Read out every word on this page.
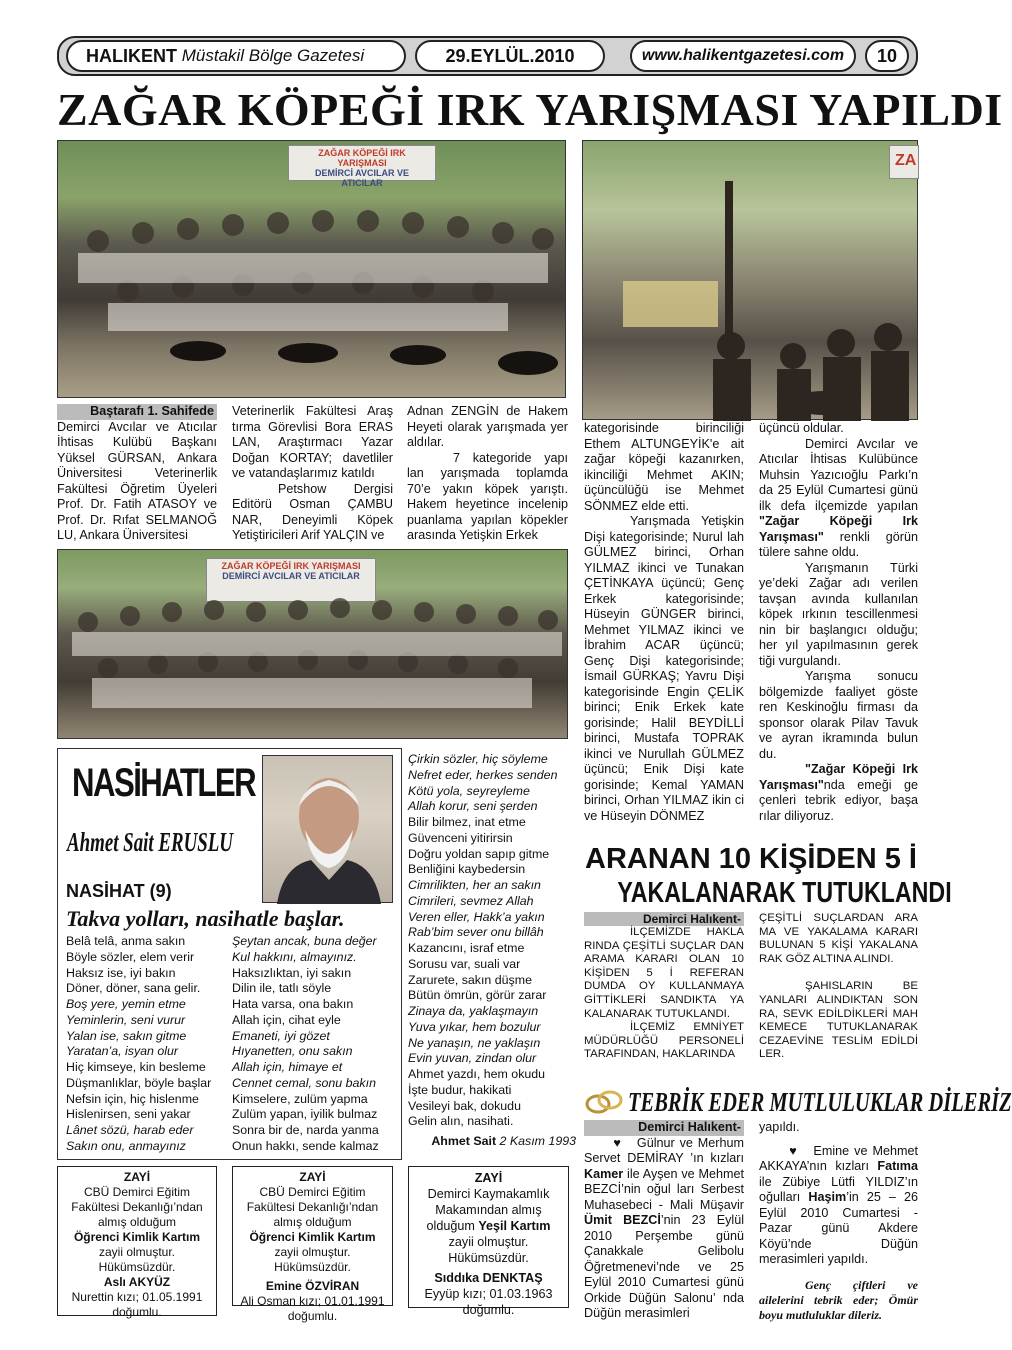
HALIKENT
Müstakil Bölge Gazetesi	29.EYLÜL.2010	www.halikentgazetesi.com	10
ZAĞAR KÖPEĞİ IRK YARIŞMASI YAPILDI
ZAĞAR KÖPEĞİ IRK YARIŞMASI
DEMİRCİ AVCILAR VE ATICILAR
ZA
Baştarafı 1. Sahifede

Demirci Avcılar ve Atıcılar İhtisas Kulübü Başkanı Yüksel GÜRSAN, Ankara Üniversitesi Veterinerlik Fakültesi Öğretim Üyeleri Prof. Dr. Fatih ATASOY ve Prof. Dr. Rıfat SELMANOĞ LU, Ankara Üniversitesi

Veterinerlik Fakültesi Araş tırma Görevlisi Bora ERAS LAN, Araştırmacı Yazar Doğan KORTAY; davetliler ve vatandaşlarımız katıldı

Petshow Dergisi Editörü Osman ÇAMBU NAR, Deneyimli Köpek Yetiştiricileri Arif YALÇIN ve

Adnan ZENGİN de Hakem Heyeti olarak yarışmada yer aldılar.

7 kategoride yapı lan yarışmada toplamda 70’e yakın köpek yarıştı. Hakem heyetince incelenip puanlama yapılan köpekler arasında Yetişkin Erkek

kategorisinde birinciliği Ethem ALTUNGEYİK'e ait zağar köpeği kazanırken, ikinciliği Mehmet AKIN; üçüncülüğü ise Mehmet SÖNMEZ elde etti.

Yarışmada Yetişkin Dişi kategorisinde; Nurul lah GÜLMEZ birinci, Orhan YILMAZ ikinci ve Tunakan ÇETİNKAYA üçüncü; Genç Erkek kategorisinde; Hüseyin GÜNGER birinci, Mehmet YILMAZ ikinci ve İbrahim ACAR üçüncü; Genç Dişi kategorisinde; İsmail GÜRKAŞ; Yavru Dişi kategorisinde Engin ÇELİK birinci; Enik Erkek kate gorisinde; Halil BEYDİLLİ birinci, Mustafa TOPRAK ikinci ve Nurullah GÜLMEZ üçüncü; Enik Dişi kate gorisinde; Kemal YAMAN birinci, Orhan YILMAZ ikin ci ve Hüseyin DÖNMEZ

üçüncü oldular.

Demirci Avcılar ve Atıcılar İhtisas Kulübünce Muhsin Yazıcıoğlu Parkı’n da 25 Eylül Cumartesi günü ilk defa ilçemizde yapılan "Zağar Köpeği Irk Yarışması" renkli görün tülere sahne oldu.

Yarışmanın Türki ye’deki Zağar adı verilen tavşan avında kullanılan köpek ırkının tescillenmesi nin bir başlangıcı olduğu; her yıl yapılmasının gerek tiği vurgulandı.

Yarışma sonucu bölgemizde faaliyet göste ren Keskinoğlu firması da sponsor olarak Pilav Tavuk ve ayran ikramında bulun du.

"Zağar Köpeği Irk Yarışması"nda emeği ge çenleri tebrik ediyor, başa rılar diliyoruz.

ZAĞAR KÖPEĞİ IRK YARIŞMASI
DEMİRCİ AVCILAR VE ATICILAR
NASİHATLER
Ahmet Sait ERUSLU
NASİHAT (9)
Takva yolları, nasihatle başlar.
Belâ telâ, anma sakın
Böyle sözler, elem verir
Haksız ise, iyi bakın
Döner, döner, sana gelir.
Boş yere, yemin etme
Yeminlerin, seni vurur
Yalan ise, sakın gitme
Yaratan’a, isyan olur
Hiç kimseye, kin besleme
Düşmanlıklar, böyle başlar
Nefsin için, hiç hislenme
Hislenirsen, seni yakar
Lânet sözü, harab eder
Sakın onu, anmayınız
Şeytan ancak, buna değer
Kul hakkını, almayınız.
Haksızlıktan, iyi sakın
Dilin ile, tatlı söyle
Hata varsa, ona bakın
Allah için, cihat eyle
Emaneti, iyi gözet
Hıyanetten, onu sakın
Allah için, himaye et
Cennet cemal, sonu bakın
Kimselere, zulüm yapma
Zulüm yapan, iyilik bulmaz
Sonra bir de, narda yanma
Onun hakkı, sende kalmaz
Çirkin sözler, hiç söyleme
Nefret eder, herkes senden
Kötü yola, seyreyleme
Allah korur, seni şerden
Bilir bilmez, inat etme
Güvenceni yitirirsin
Doğru yoldan sapıp gitme
Benliğini kaybedersin
Cimrilikten, her an sakın
Cimrileri, sevmez Allah
Veren eller, Hakk’a yakın
Rab’bim sever onu billâh
Kazancını, israf etme
Sorusu var, suali var
Zarurete, sakın düşme
Bütün ömrün, görür zarar
Zinaya da, yaklaşmayın
Yuva yıkar, hem bozulur
Ne yanaşın, ne yaklaşın
Evin yuvan, zindan olur
Ahmet yazdı, hem okudu
İşte budur, hakikati
Vesileyi bak, dokudu
Gelin alın, nasihati.
Ahmet Sait 2 Kasım 1993
ARANAN 10 KİŞİDEN 5 İ
YAKALANARAK TUTUKLANDI
Demirci Halıkent-

İLÇEMİZDE HAKLA RINDA ÇEŞİTLİ SUÇLAR DAN ARAMA KARARI OLAN 10 KİŞİDEN 5 İ REFERAN DUMDA OY KULLANMAYA GİTTİKLERİ SANDIKTA YA KALANARAK TUTUKLANDI.

İLÇEMİZ EMNİYET MÜDÜRLÜĞÜ PERSONELİ TARAFINDAN, HAKLARINDA

ÇEŞİTLİ SUÇLARDAN ARA MA VE YAKALAMA KARARI BULUNAN 5 KİŞİ YAKALANA RAK GÖZ ALTINA ALINDI.

ŞAHISLARIN BE YANLARI ALINDIKTAN SON RA, SEVK EDİLDİKLERİ MAH KEMECE TUTUKLANARAK CEZAEVİNE TESLİM EDİLDİ LER.

TEBRİK EDER MUTLULUKLAR DİLERİZ
Demirci Halıkent-

♥   Gülnur ve Merhum Servet DEMİRAY ’ın kızları Kamer ile Ayşen ve Mehmet BEZCİ’nin oğul ları Serbest Muhasebeci - Mali Müşavir Ümit BEZCİ’nin 23 Eylül 2010 Perşembe günü Çanakkale Gelibolu Öğretmenevi’nde ve 25 Eylül 2010 Cumartesi günü Orkide Düğün Salonu’ nda Düğün merasimleri

yapıldı.

♥   Emine ve Mehmet AKKAYA’nın kızları Fatıma ile Zübiye Lütfi YILDIZ’ın oğulları Haşim’in 25 – 26 Eylül 2010 Cumartesi - Pazar günü Akdere Köyü’nde Düğün merasimleri yapıldı.

Genç çiftleri ve ailelerini tebrik eder; Ömür boyu mutluluklar dileriz.

ZAYİ
CBÜ Demirci Eğitim Fakültesi Dekanlığı’ndan almış olduğum
Öğrenci Kimlik Kartım
zayii olmuştur. Hükümsüzdür.
Aslı AKYÜZ
Nurettin kızı; 01.05.1991 doğumlu.
ZAYİ
CBÜ Demirci Eğitim Fakültesi Dekanlığı’ndan almış olduğum
Öğrenci Kimlik Kartım
zayii olmuştur. Hükümsüzdür.
Emine ÖZVİRAN
Ali Osman kızı; 01.01.1991 doğumlu.
ZAYİ
Demirci Kaymakamlık Makamından almış olduğum Yeşil Kartım zayii olmuştur. Hükümsüzdür.
Sıddıka DENKTAŞ
Eyyüp kızı; 01.03.1963 doğumlu.
